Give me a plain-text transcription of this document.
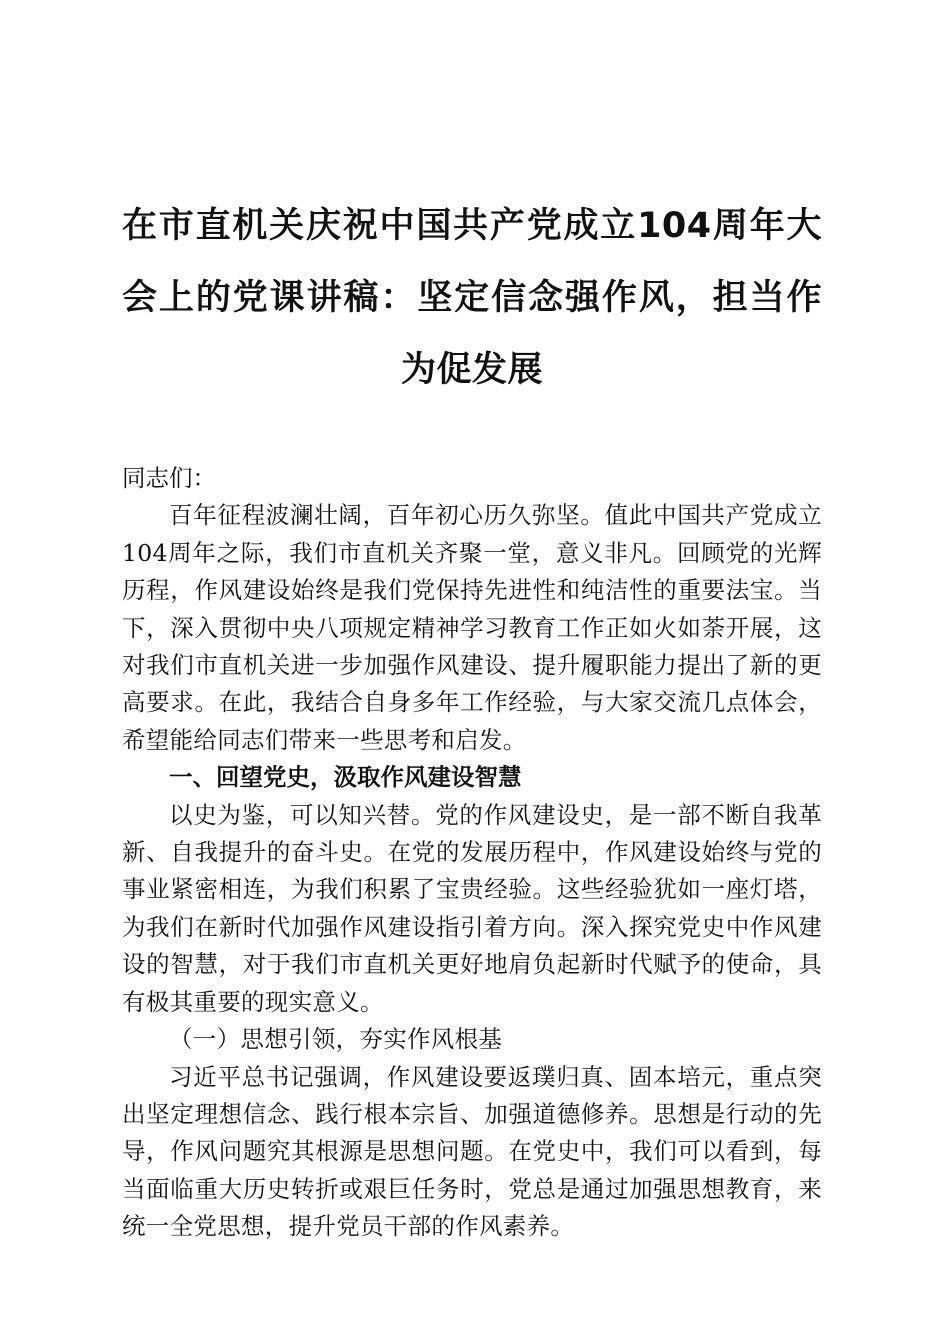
在市直机关庆祝中国共产党成立104周年大会上的党课讲稿：坚定信念强作风，担当作为促发展

同志们：

百年征程波澜壮阔，百年初心历久弥坚。值此中国共产党成立104周年之际，我们市直机关齐聚一堂，意义非凡。回顾党的光辉历程，作风建设始终是我们党保持先进性和纯洁性的重要法宝。当下，深入贯彻中央八项规定精神学习教育工作正如火如荼开展，这对我们市直机关进一步加强作风建设、提升履职能力提出了新的更高要求。在此，我结合自身多年工作经验，与大家交流几点体会，希望能给同志们带来一些思考和启发。

一、回望党史，汲取作风建设智慧

以史为鉴，可以知兴替。党的作风建设史，是一部不断自我革新、自我提升的奋斗史。在党的发展历程中，作风建设始终与党的事业紧密相连，为我们积累了宝贵经验。这些经验犹如一座灯塔，为我们在新时代加强作风建设指引着方向。深入探究党史中作风建设的智慧，对于我们市直机关更好地肩负起新时代赋予的使命，具有极其重要的现实意义。

（一）思想引领，夯实作风根基

习近平总书记强调，作风建设要返璞归真、固本培元，重点突出坚定理想信念、践行根本宗旨、加强道德修养。思想是行动的先导，作风问题究其根源是思想问题。在党史中，我们可以看到，每当面临重大历史转折或艰巨任务时，党总是通过加强思想教育，来统一全党思想，提升党员干部的作风素养。
